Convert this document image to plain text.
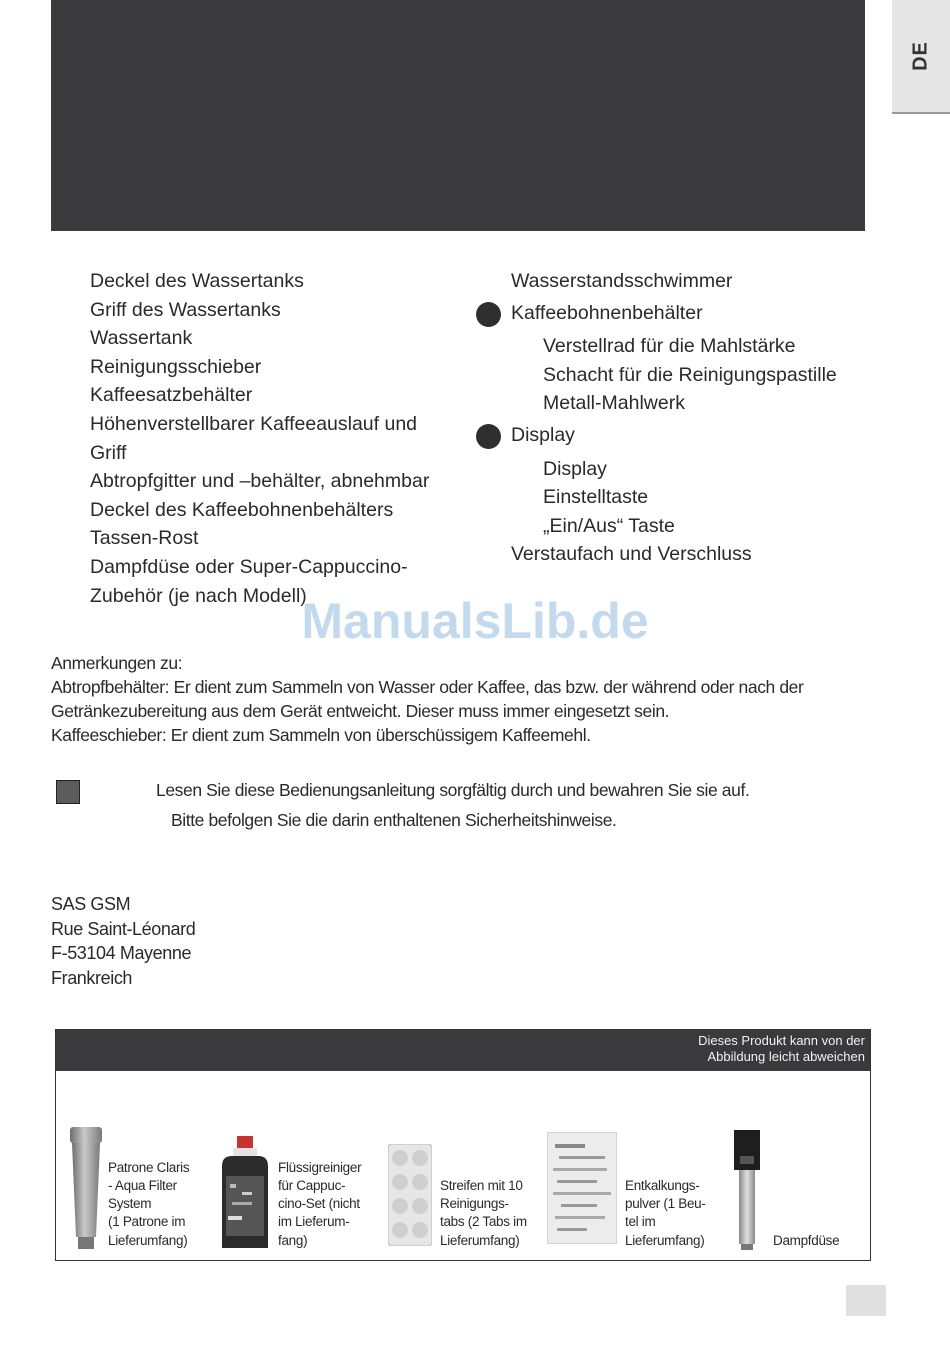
DE
Deckel des Wassertanks
Griff des Wassertanks
Wassertank
Reinigungsschieber
Kaffeesatzbehälter
Höhenverstellbarer Kaffeeauslauf und
Griff
Abtropfgitter und –behälter, abnehmbar
Deckel des Kaffeebohnenbehälters
Tassen-Rost
Dampfdüse oder Super-Cappuccino-
Zubehör (je nach Modell)
Wasserstandsschwimmer
Kaffeebohnenbehälter
Verstellrad für die Mahlstärke
Schacht für die Reinigungspastille
Metall-Mahlwerk
Display
Display
Einstelltaste
„Ein/Aus“ Taste
Verstaufach und Verschluss
ManualsLib.de
Anmerkungen zu:
Abtropfbehälter: Er dient zum Sammeln von Wasser oder Kaffee, das bzw. der während oder nach der
Getränkezubereitung aus dem Gerät entweicht. Dieser muss immer eingesetzt sein.
Kaffeeschieber: Er dient zum Sammeln von überschüssigem Kaffeemehl.
Lesen Sie diese Bedienungsanleitung sorgfältig durch und bewahren Sie sie auf.
Bitte befolgen Sie die darin enthaltenen Sicherheitshinweise.
SAS GSM
Rue Saint-Léonard
F-53104 Mayenne
Frankreich
Dieses Produkt kann von der
Abbildung leicht abweichen
Patrone Claris
- Aqua Filter
System
(1 Patrone im
Lieferumfang)
Flüssigreiniger
für Cappuc-
cino-Set (nicht
im Lieferum-
fang)
Streifen mit 10
Reinigungs-
tabs (2 Tabs im
Lieferumfang)
Entkalkungs-
pulver (1 Beu-
tel im
Lieferumfang)	Dampfdüse
